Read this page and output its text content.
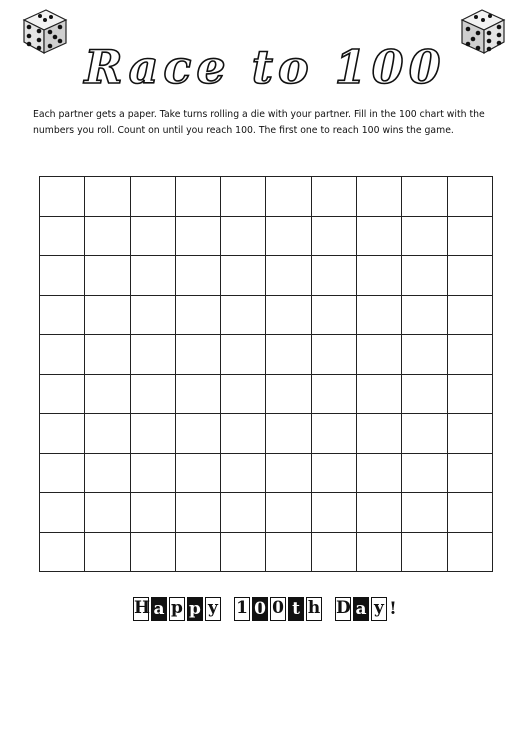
Race to 100

Each partner gets a paper. Take turns rolling a die with your partner. Fill in the 100 chart with the numbers you roll. Count on until you reach 100. The first one to reach 100 wins the game.

H a p p y 1 0 0 t h D a y !
